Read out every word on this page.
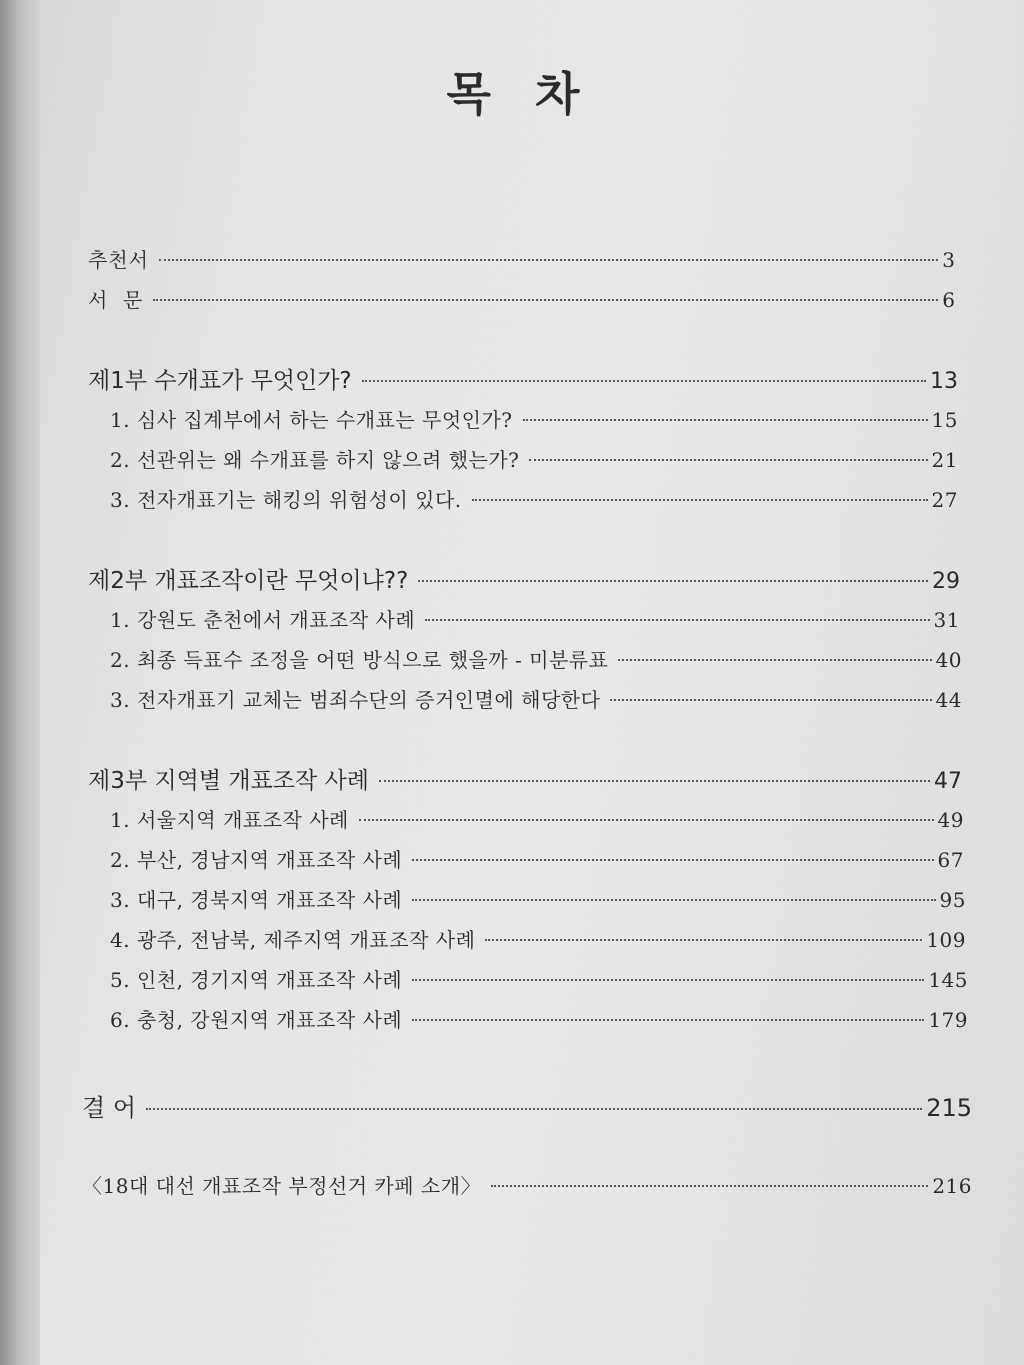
목 차
추천서	3
서  문	6
제1부 수개표가 무엇인가?	13
1. 심사 집계부에서 하는 수개표는 무엇인가?	15
2. 선관위는 왜 수개표를 하지 않으려 했는가?	21
3. 전자개표기는 해킹의 위험성이 있다.	27
제2부 개표조작이란 무엇이냐??	29
1. 강원도 춘천에서 개표조작 사례	31
2. 최종 득표수 조정을 어떤 방식으로 했을까 - 미분류표	40
3. 전자개표기 교체는 범죄수단의 증거인멸에 해당한다	44
제3부 지역별 개표조작 사례	47
1. 서울지역 개표조작 사례	49
2. 부산, 경남지역 개표조작 사례	67
3. 대구, 경북지역 개표조작 사례	95
4. 광주, 전남북, 제주지역 개표조작 사례	109
5. 인천, 경기지역 개표조작 사례	145
6. 충청, 강원지역 개표조작 사례	179
결 어	215
〈18대 대선 개표조작 부정선거 카페 소개〉	216
